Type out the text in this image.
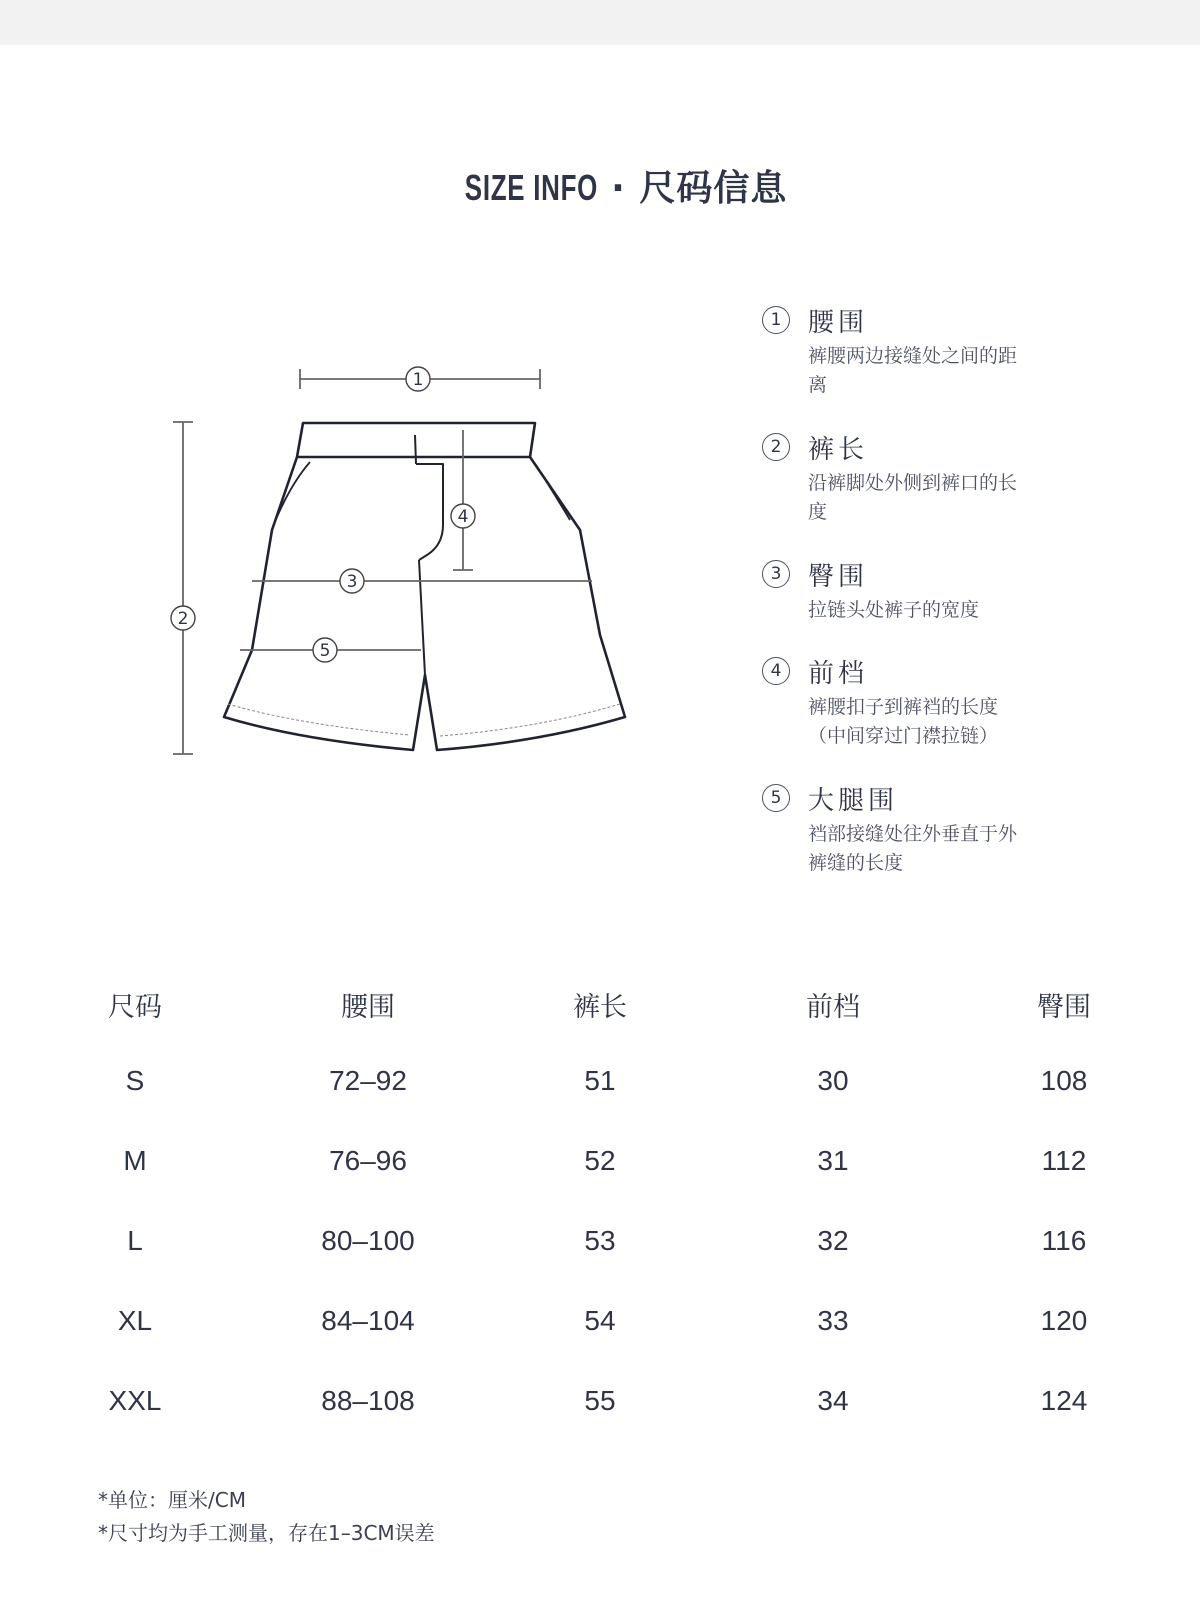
SIZE INFO · 尺码信息
1
2
3
4
5
1	腰围
裤腰两边接缝处之间的距离
2	裤长
沿裤脚处外侧到裤口的长度
3	臀围
拉链头处裤子的宽度
4	前档
裤腰扣子到裤裆的长度（中间穿过门襟拉链）
5	大腿围
裆部接缝处往外垂直于外裤缝的长度
尺码	腰围	裤长	前档	臀围
S	72–92	51	30	108
M	76–96	52	31	112
L	80–100	53	32	116
XL	84–104	54	33	120
XXL	88–108	55	34	124
*单位：厘米/CM
*尺寸均为手工测量，存在1–3CM误差
